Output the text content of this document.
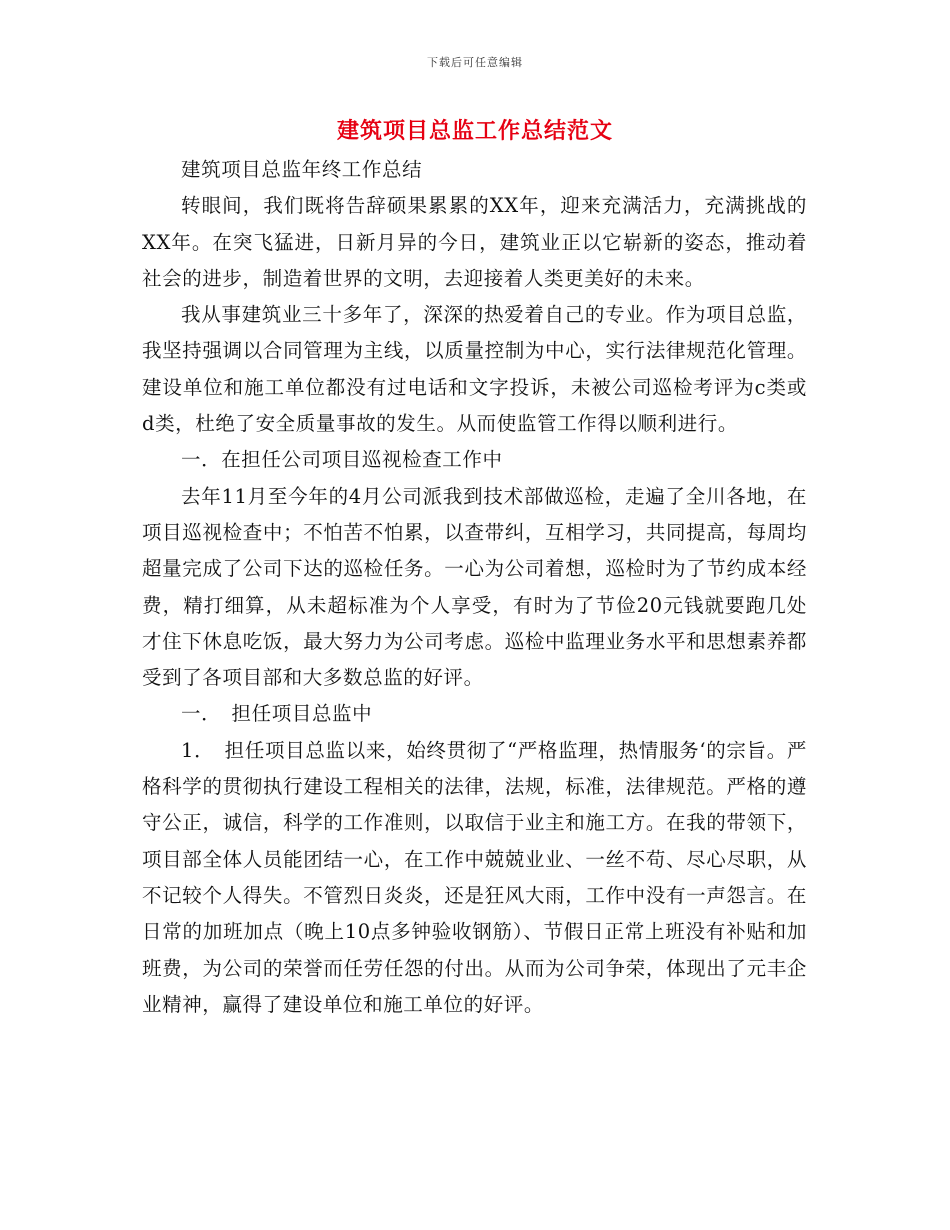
下载后可任意编辑
建筑项目总监工作总结范文

建筑项目总监年终工作总结

转眼间，我们既将告辞硕果累累的XX年，迎来充满活力，充满挑战的XX年。在突飞猛进，日新月异的今日，建筑业正以它崭新的姿态，推动着社会的进步，制造着世界的文明，去迎接着人类更美好的未来。

我从事建筑业三十多年了，深深的热爱着自己的专业。作为项目总监，我坚持强调以合同管理为主线，以质量控制为中心，实行法律规范化管理。建设单位和施工单位都没有过电话和文字投诉，未被公司巡检考评为c类或d类，杜绝了安全质量事故的发生。从而使监管工作得以顺利进行。

一．在担任公司项目巡视检查工作中

去年11月至今年的4月公司派我到技术部做巡检，走遍了全川各地，在项目巡视检查中；不怕苦不怕累，以查带纠，互相学习，共同提高，每周均超量完成了公司下达的巡检任务。一心为公司着想，巡检时为了节约成本经费，精打细算，从未超标准为个人享受，有时为了节俭20元钱就要跑几处才住下休息吃饭，最大努力为公司考虑。巡检中监理业务水平和思想素养都受到了各项目部和大多数总监的好评。

一．　担任项目总监中

1．　担任项目总监以来，始终贯彻了“严格监理，热情服务‘的宗旨。严格科学的贯彻执行建设工程相关的法律，法规，标准，法律规范。严格的遵守公正，诚信，科学的工作准则，以取信于业主和施工方。在我的带领下，项目部全体人员能团结一心，在工作中兢兢业业、一丝不苟、尽心尽职，从不记较个人得失。不管烈日炎炎，还是狂风大雨，工作中没有一声怨言。在日常的加班加点（晚上10点多钟验收钢筋）、节假日正常上班没有补贴和加班费，为公司的荣誉而任劳任怨的付出。从而为公司争荣，体现出了元丰企业精神，赢得了建设单位和施工单位的好评。
